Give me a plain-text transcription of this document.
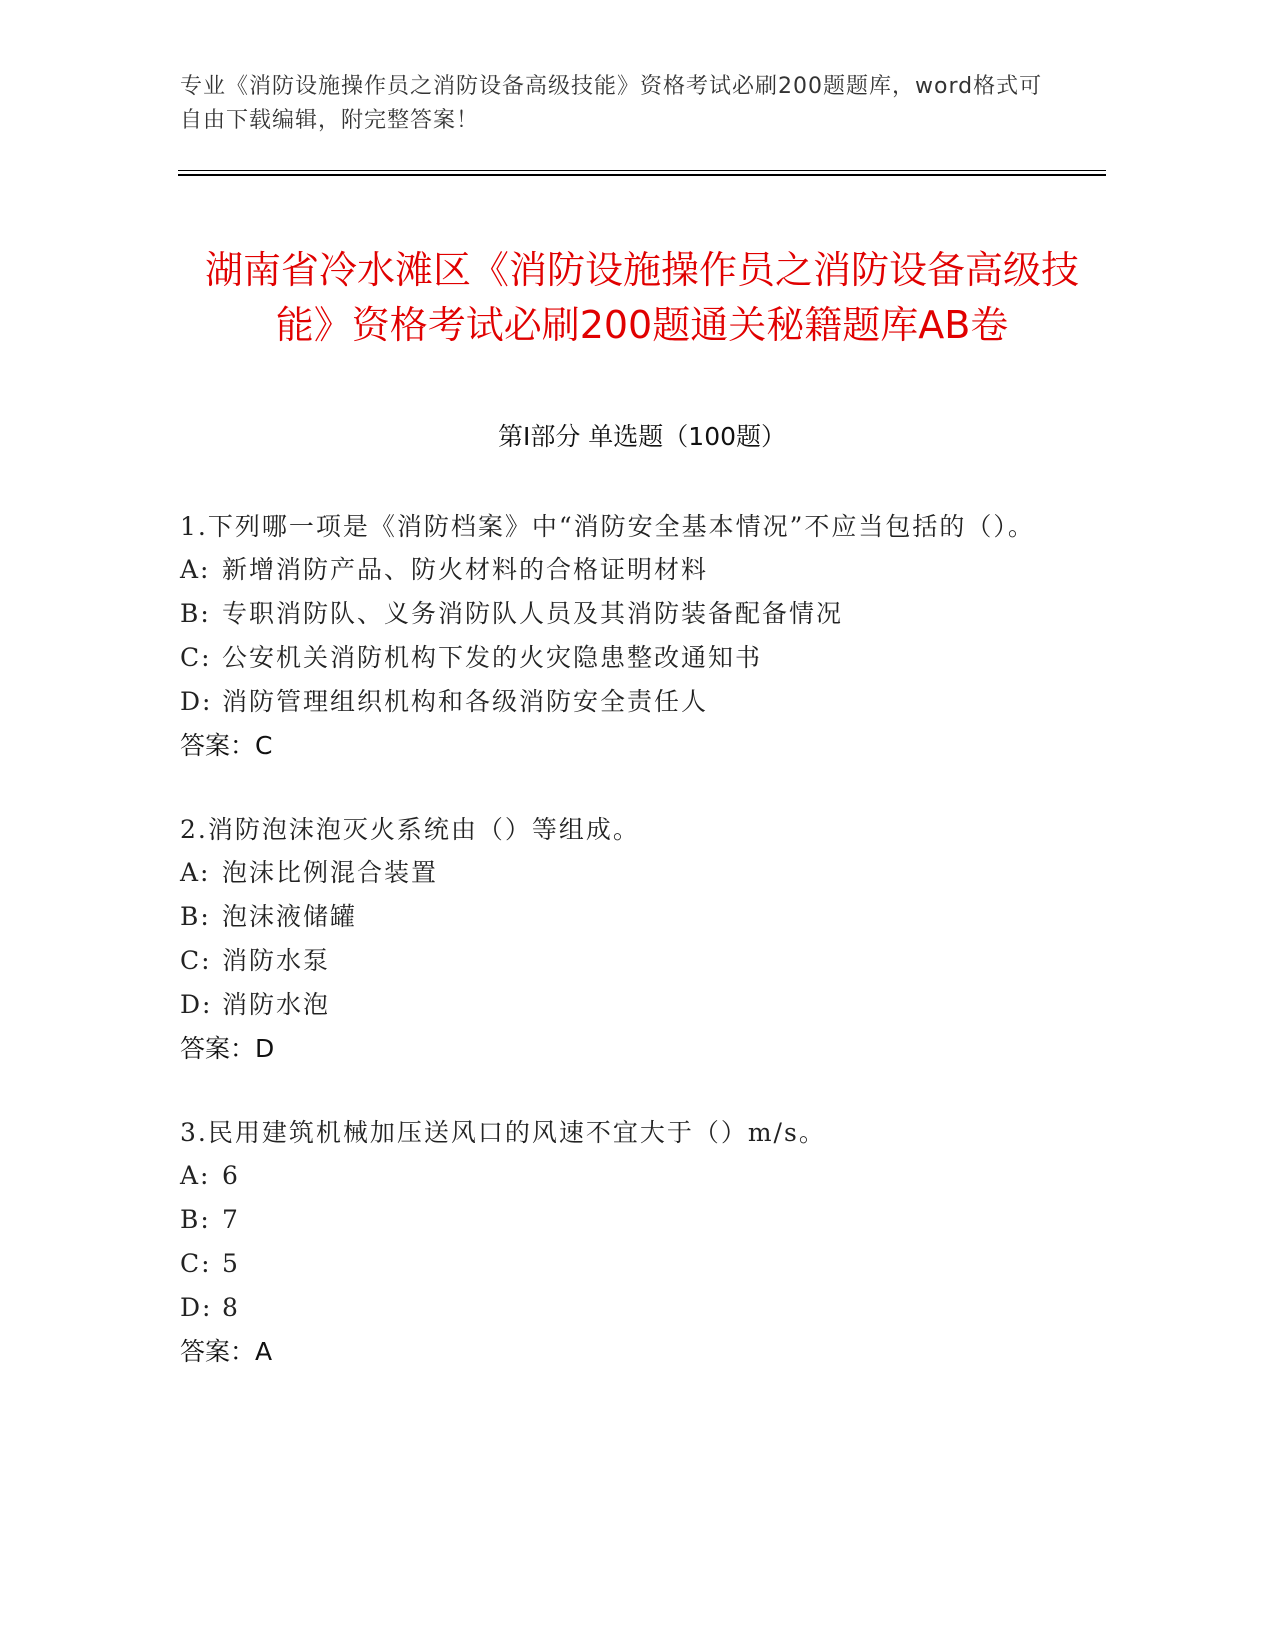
专业《消防设施操作员之消防设备高级技能》资格考试必刷200题题库，word格式可自由下载编辑，附完整答案！
湖南省冷水滩区《消防设施操作员之消防设备高级技能》资格考试必刷200题通关秘籍题库AB卷
第Ⅰ部分 单选题（100题）
1.下列哪一项是《消防档案》中“消防安全基本情况”不应当包括的（）。
A: 新增消防产品、防火材料的合格证明材料
B: 专职消防队、义务消防队人员及其消防装备配备情况
C: 公安机关消防机构下发的火灾隐患整改通知书
D: 消防管理组织机构和各级消防安全责任人
答案：C
2.消防泡沫泡灭火系统由（）等组成。
A: 泡沫比例混合装置
B: 泡沫液储罐
C: 消防水泵
D: 消防水泡
答案：D
3.民用建筑机械加压送风口的风速不宜大于（）m/s。
A: 6
B: 7
C: 5
D: 8
答案：A
